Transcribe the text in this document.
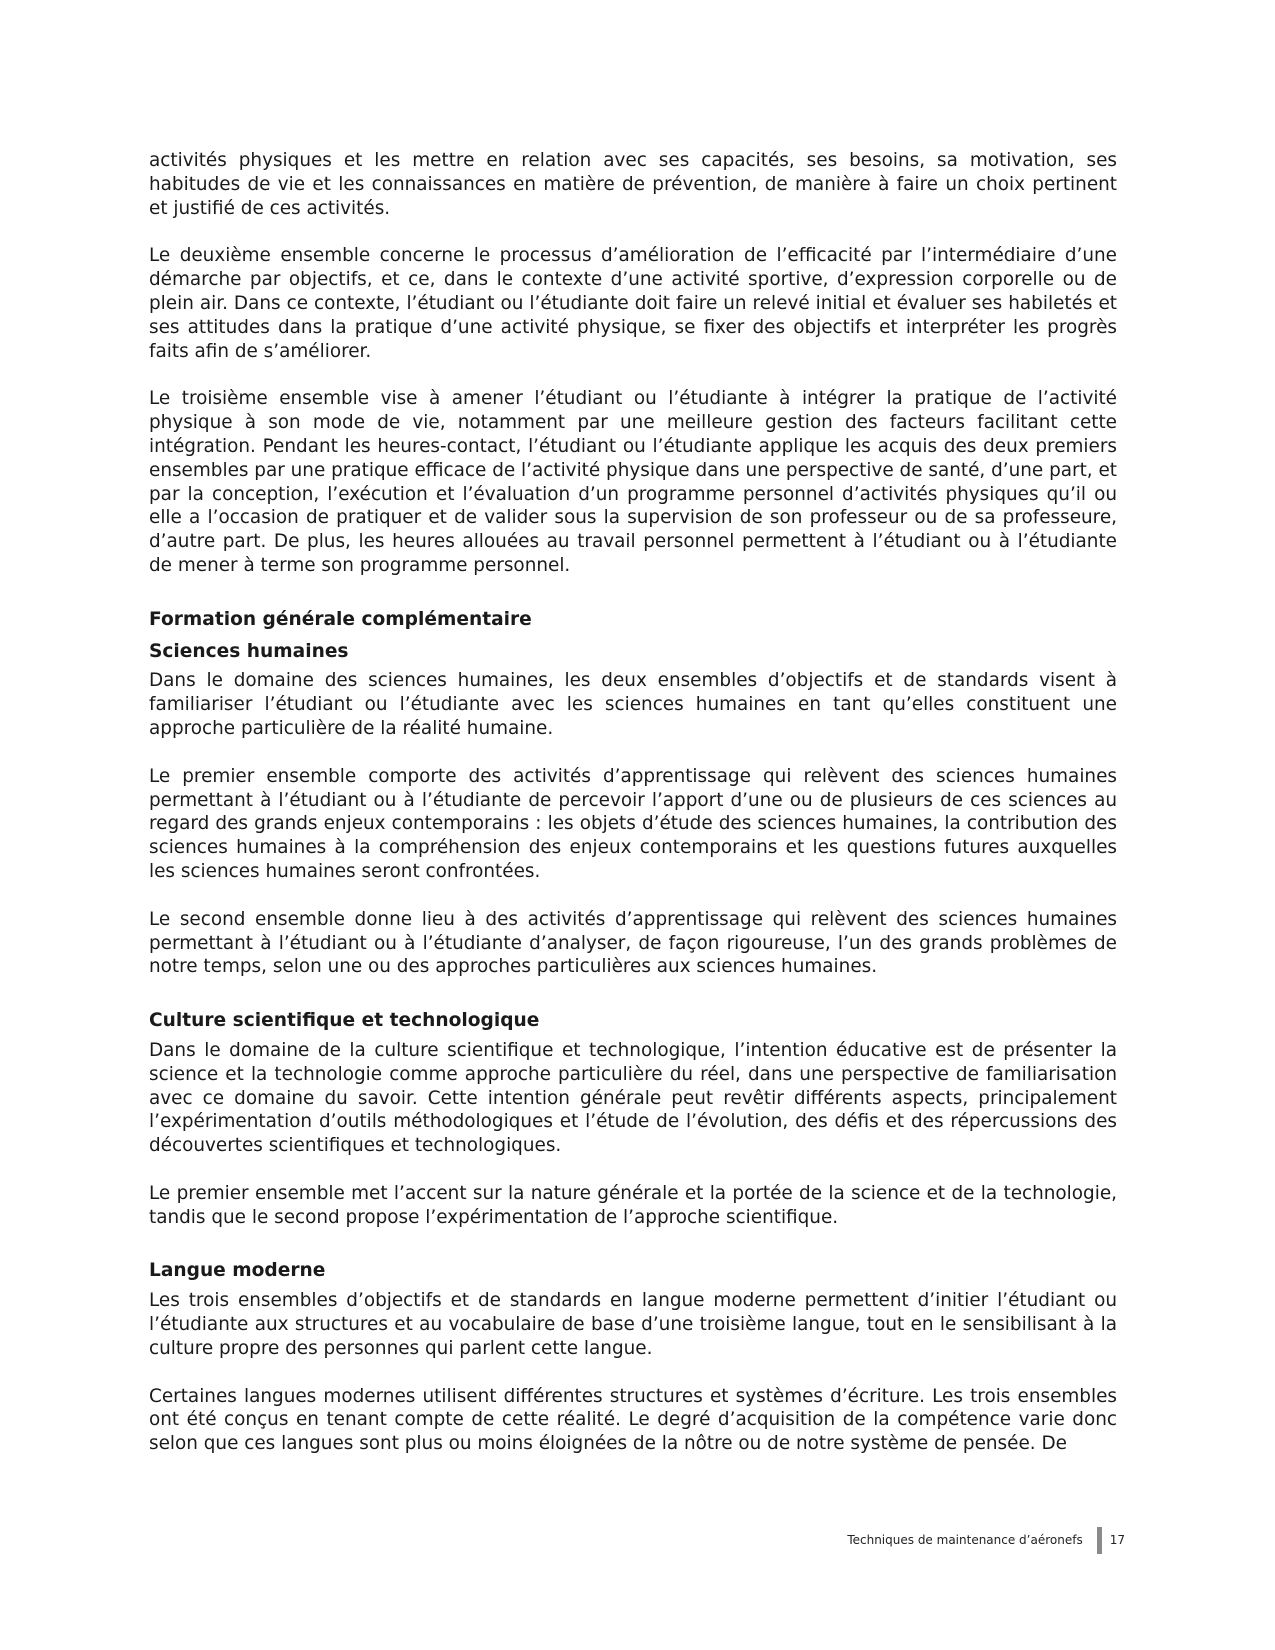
activités physiques et les mettre en relation avec ses capacités, ses besoins, sa motivation, ses habitudes de vie et les connaissances en matière de prévention, de manière à faire un choix pertinent et justifié de ces activités.

Le deuxième ensemble concerne le processus d’amélioration de l’efficacité par l’intermédiaire d’une démarche par objectifs, et ce, dans le contexte d’une activité sportive, d’expression corporelle ou de plein air. Dans ce contexte, l’étudiant ou l’étudiante doit faire un relevé initial et évaluer ses habiletés et ses attitudes dans la pratique d’une activité physique, se fixer des objectifs et interpréter les progrès faits afin de s’améliorer.

Le troisième ensemble vise à amener l’étudiant ou l’étudiante à intégrer la pratique de l’activité physique à son mode de vie, notamment par une meilleure gestion des facteurs facilitant cette intégration. Pendant les heures-contact, l’étudiant ou l’étudiante applique les acquis des deux premiers ensembles par une pratique efficace de l’activité physique dans une perspective de santé, d’une part, et par la conception, l’exécution et l’évaluation d’un programme personnel d’activités physiques qu’il ou elle a l’occasion de pratiquer et de valider sous la supervision de son professeur ou de sa professeure, d’autre part. De plus, les heures allouées au travail personnel permettent à l’étudiant ou à l’étudiante de mener à terme son programme personnel.

Formation générale complémentaire
Sciences humaines

Dans le domaine des sciences humaines, les deux ensembles d’objectifs et de standards visent à familiariser l’étudiant ou l’étudiante avec les sciences humaines en tant qu’elles constituent une approche particulière de la réalité humaine.

Le premier ensemble comporte des activités d’apprentissage qui relèvent des sciences humaines permettant à l’étudiant ou à l’étudiante de percevoir l’apport d’une ou de plusieurs de ces sciences au regard des grands enjeux contemporains : les objets d’étude des sciences humaines, la contribution des sciences humaines à la compréhension des enjeux contemporains et les questions futures auxquelles les sciences humaines seront confrontées.

Le second ensemble donne lieu à des activités d’apprentissage qui relèvent des sciences humaines permettant à l’étudiant ou à l’étudiante d’analyser, de façon rigoureuse, l’un des grands problèmes de notre temps, selon une ou des approches particulières aux sciences humaines.

Culture scientifique et technologique

Dans le domaine de la culture scientifique et technologique, l’intention éducative est de présenter la science et la technologie comme approche particulière du réel, dans une perspective de familiarisation avec ce domaine du savoir. Cette intention générale peut revêtir différents aspects, principalement l’expérimentation d’outils méthodologiques et l’étude de l’évolution, des défis et des répercussions des découvertes scientifiques et technologiques.

Le premier ensemble met l’accent sur la nature générale et la portée de la science et de la technologie, tandis que le second propose l’expérimentation de l’approche scientifique.

Langue moderne

Les trois ensembles d’objectifs et de standards en langue moderne permettent d’initier l’étudiant ou l’étudiante aux structures et au vocabulaire de base d’une troisième langue, tout en le sensibilisant à la culture propre des personnes qui parlent cette langue.

Certaines langues modernes utilisent différentes structures et systèmes d’écriture. Les trois ensembles ont été conçus en tenant compte de cette réalité. Le degré d’acquisition de la compétence varie donc selon que ces langues sont plus ou moins éloignées de la nôtre ou de notre système de pensée. De

Techniques de maintenance d’aéronefs 17
